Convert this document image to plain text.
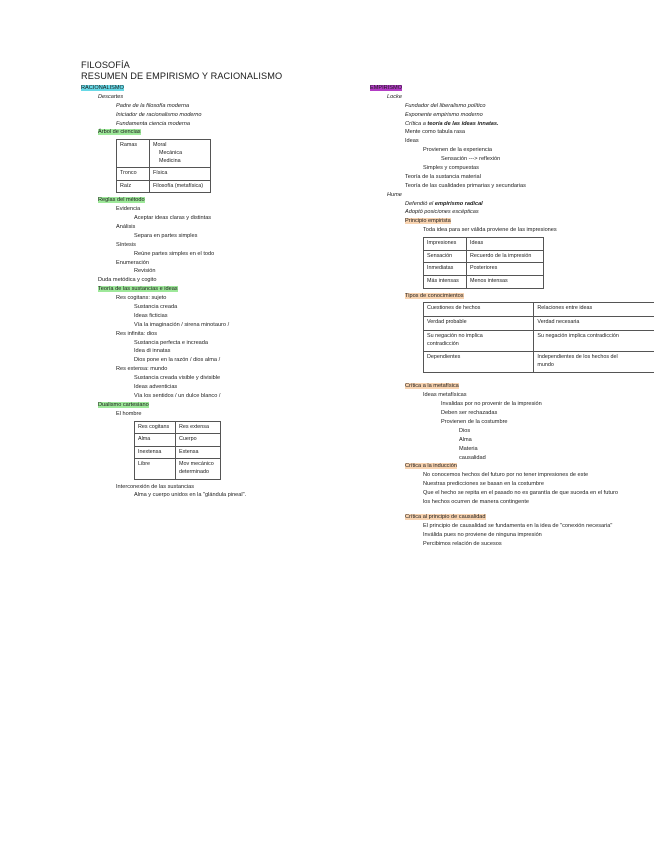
FILOSOFÍA
RESUMEN DE EMPIRISMO Y RACIONALISMO
RACIONALISMO
Descartes
Padre de la filosofía moderna
Iniciador de racionalismo moderno
Fundamenta ciencia moderna
Árbol de ciencias
Ramas	Moral
Mecánica
Medicina
Tronco	Física
Raíz	Filosofía (metafísica)
Reglas del método
Evidencia
Aceptar ideas claras y distintas
Análisis
Separa en partes simples
Síntesis
Reúne partes simples en el todo
Enumeración
Revisión
Duda metódica y cogito
Teoría de las sustancias e ideas
Res cogitans: sujeto
Sustancia creada
Ideas ficticias
Vía la imaginación / sirena minotauro /
Res infinita: dios
Sustancia perfecta e increada
Idea di innatas
Dios pone en la razón / dios alma /
Res extensa: mundo
Sustancia creada visible y divisible
Ideas adventicias
Vía los sentidos / un dulce blanco /
Dualismo cartesiano
El hombre
Res cogitans	Res extensa
Alma	Cuerpo
Inextensa	Extensa
Libre	Mov mecánico
determinado
Interconexión de las sustancias
Alma y cuerpo unidos en la "glándula pineal".
EMPIRISMO
Locke
Fundador del liberalismo político
Exponente empirismo moderno
Crítica a teoría de las ideas innatas.
Mente como tabula rasa
Ideas
Provienen de la experiencia
Sensación ---> reflexión
Simples y compuestas
Teoría de la sustancia material
Teoría de las cualidades primarias y secundarias
Hume
Defendió el empirismo radical
Adoptó posiciones escépticas
Principio empirista
Toda idea para ser válida proviene de las impresiones
Impresiones	Ideas
Sensación	Recuerdo de la impresión
Inmediatas	Posteriores
Más intensas	Menos intensas
Tipos de conocimientos
Cuestiones de hechos	Relaciones entre ideas
Verdad probable	Verdad necesaria
Su negación no implica
contradicción	Su negación implica contradicción
Dependientes	Independientes de los hechos del
mundo
Crítica a la metafísica
Ideas metafísicas
Invalidas por no provenir de la impresión
Deben ser rechazadas
Provienen de la costumbre
Dios
Alma
Materia
causalidad
Crítica a la inducción
No conocemos hechos del futuro por no tener impresiones de este
Nuestras predicciones se basan en la costumbre
Que el hecho se repita en el pasado no es garantía de que suceda en el futuro
los hechos ocurren de manera contingente
Crítica al principio de causalidad
El principio de causalidad se fundamenta en la idea de "conexión necesaria"
Inválida pues no proviene de ninguna impresión
Percibimos relación de sucesos
